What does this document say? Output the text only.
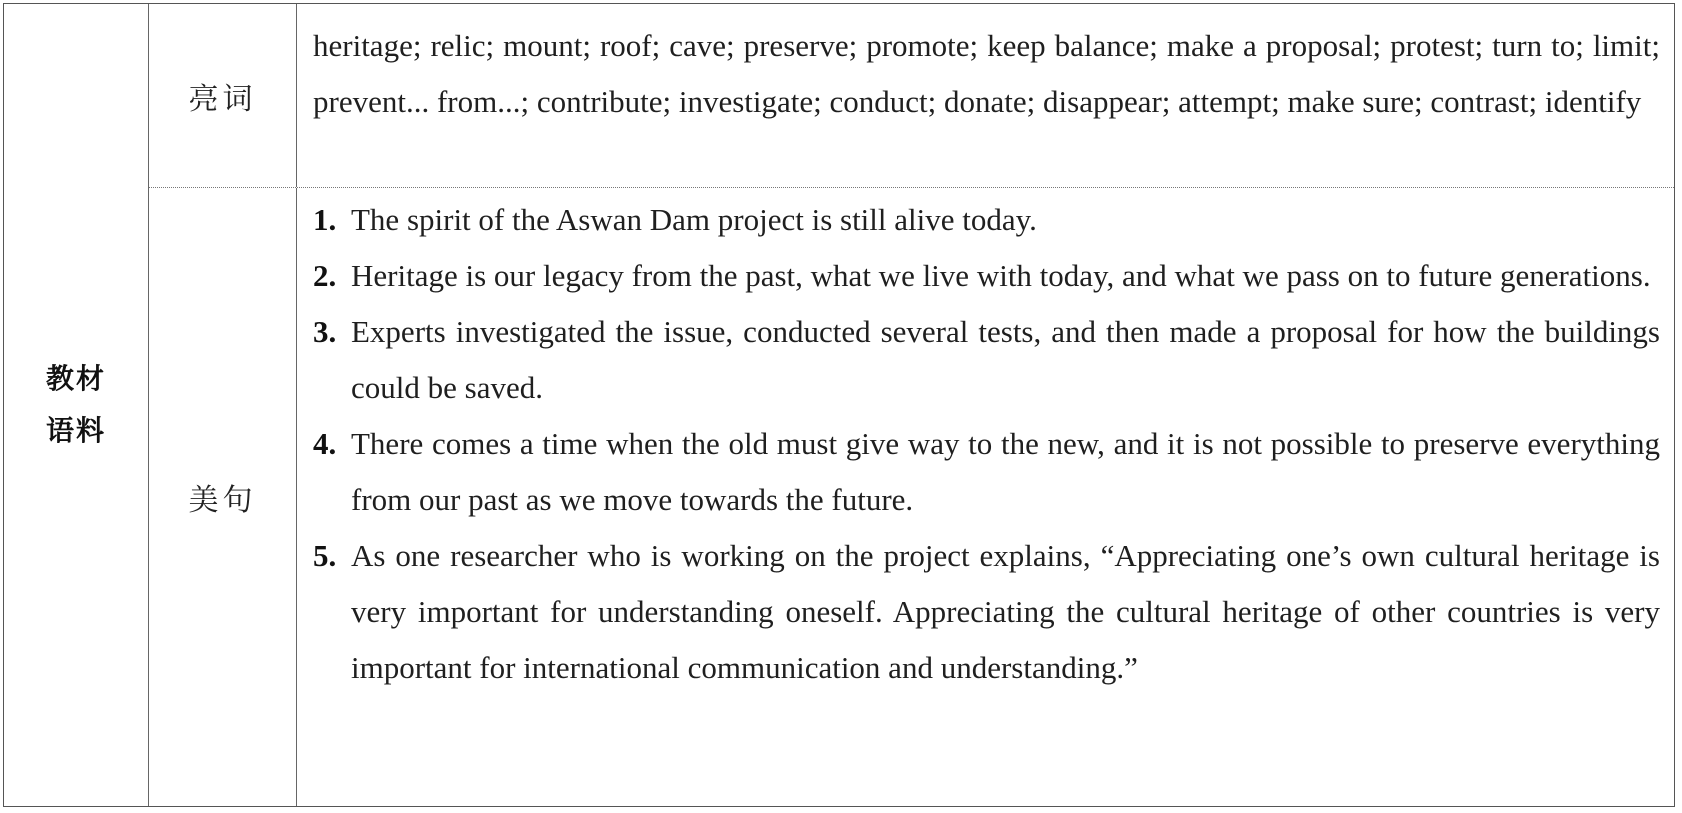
教材语料
亮词

heritage; relic; mount; roof; cave; preserve; promote; keep balance; make a proposal; protest; turn to; limit; prevent... from...; contribute; investigate; conduct; donate; disappear; attempt; make sure; contrast; identify

美句
1. The spirit of the Aswan Dam project is still alive today.
2. Heritage is our legacy from the past, what we live with today, and what we pass on to future generations.
3. Experts investigated the issue, conducted several tests, and then made a proposal for how the buildings could be saved.
4. There comes a time when the old must give way to the new, and it is not possible to preserve everything from our past as we move towards the future.
5. As one researcher who is working on the project explains, “Appreciating one’s own cultural heritage is very important for understanding oneself. Appreciating the cultural heritage of other countries is very important for international communication and understanding.”
